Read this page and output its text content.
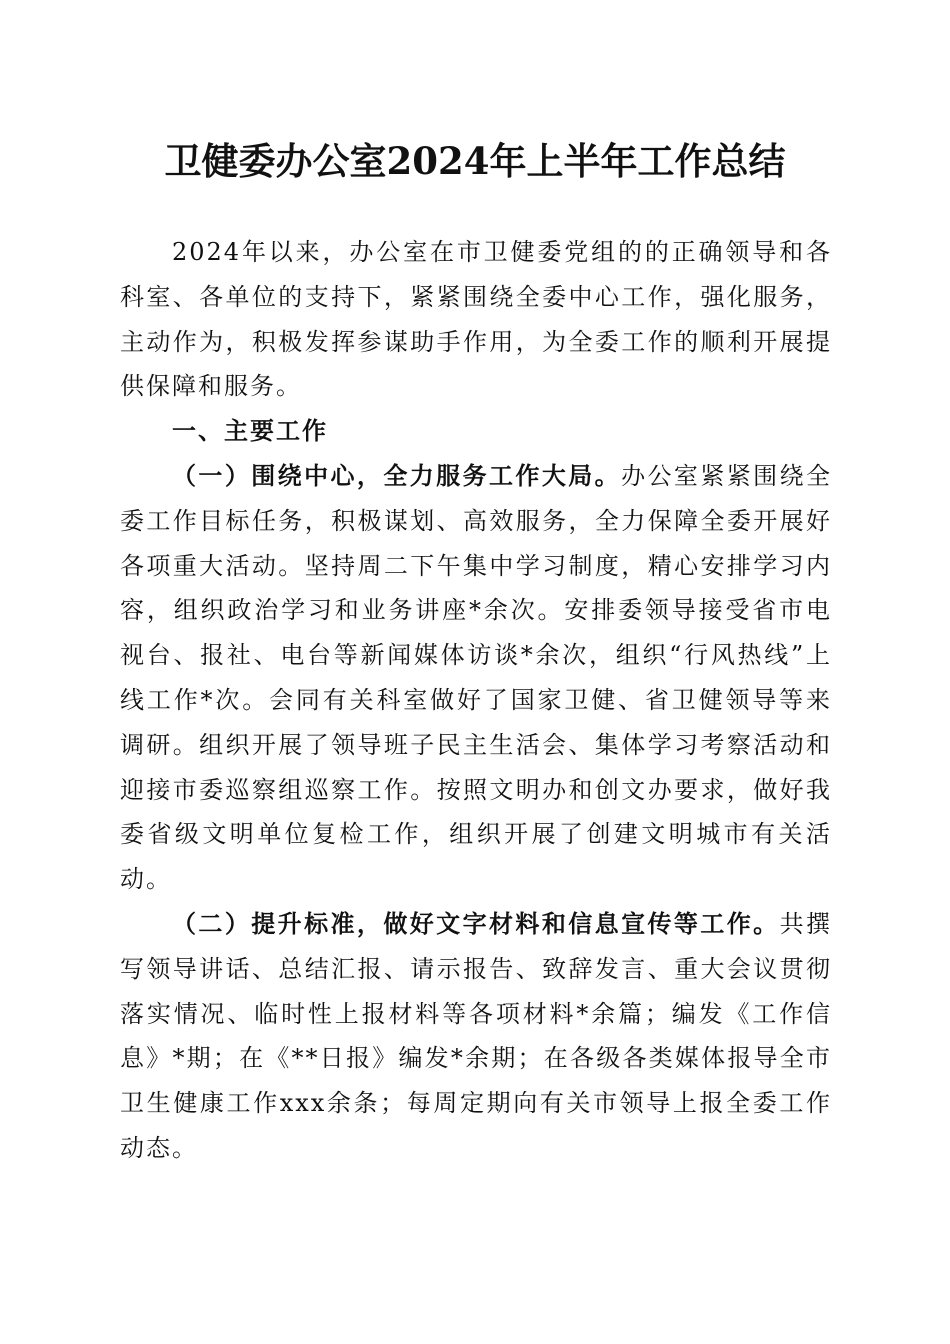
卫健委办公室2024年上半年工作总结

2024年以来，办公室在市卫健委党组的的正确领导和各科室、各单位的支持下，紧紧围绕全委中心工作，强化服务，主动作为，积极发挥参谋助手作用，为全委工作的顺利开展提供保障和服务。

一、主要工作

（一）围绕中心，全力服务工作大局。办公室紧紧围绕全委工作目标任务，积极谋划、高效服务，全力保障全委开展好各项重大活动。坚持周二下午集中学习制度，精心安排学习内容，组织政治学习和业务讲座*余次。安排委领导接受省市电视台、报社、电台等新闻媒体访谈*余次，组织“行风热线”上线工作*次。会同有关科室做好了国家卫健、省卫健领导等来调研。组织开展了领导班子民主生活会、集体学习考察活动和迎接市委巡察组巡察工作。按照文明办和创文办要求，做好我委省级文明单位复检工作，组织开展了创建文明城市有关活动。

（二）提升标准，做好文字材料和信息宣传等工作。共撰写领导讲话、总结汇报、请示报告、致辞发言、重大会议贯彻落实情况、临时性上报材料等各项材料*余篇；编发《工作信息》*期；在《**日报》编发*余期；在各级各类媒体报导全市卫生健康工作xxx余条；每周定期向有关市领导上报全委工作动态。
